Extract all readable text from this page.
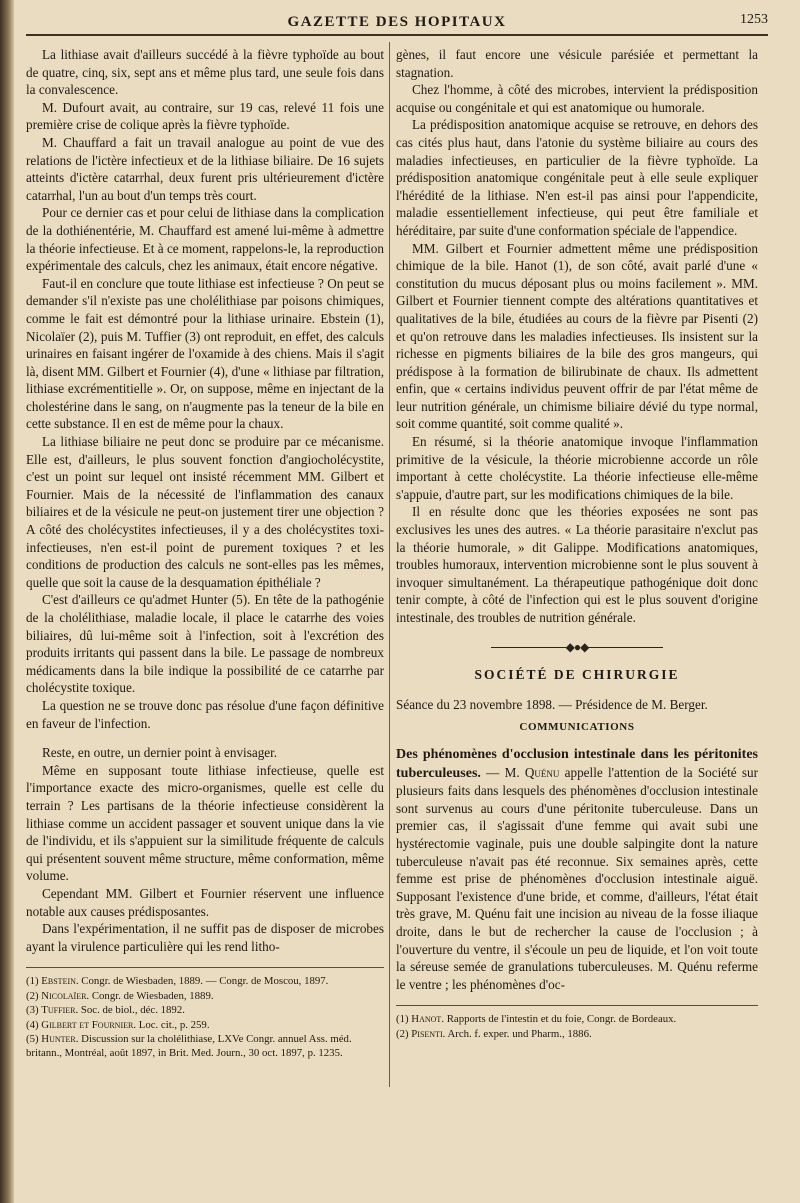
GAZETTE DES HOPITAUX	1253

La lithiase avait d'ailleurs succédé à la fièvre typhoïde au bout de quatre, cinq, six, sept ans et même plus tard, une seule fois dans la convalescence.

M. Dufourt avait, au contraire, sur 19 cas, relevé 11 fois une première crise de colique après la fièvre typhoïde.

M. Chauffard a fait un travail analogue au point de vue des relations de l'ictère infectieux et de la lithiase biliaire. De 16 sujets atteints d'ictère catarrhal, deux furent pris ultérieurement d'ictère catarrhal, l'un au bout d'un temps très court.

Pour ce dernier cas et pour celui de lithiase dans la complication de la dothiénentérie, M. Chauffard est amené lui-même à admettre la théorie infectieuse. Et à ce moment, rappelons-le, la reproduction expérimentale des calculs, chez les animaux, était encore négative.

Faut-il en conclure que toute lithiase est infectieuse ? On peut se demander s'il n'existe pas une cholélithiase par poisons chimiques, comme le fait est démontré pour la lithiase urinaire. Ebstein (1), Nicolaïer (2), puis M. Tuffier (3) ont reproduit, en effet, des calculs urinaires en faisant ingérer de l'oxamide à des chiens. Mais il s'agit là, disent MM. Gilbert et Fournier (4), d'une « lithiase par filtration, lithiase excrémentitielle ». Or, on suppose, même en injectant de la cholestérine dans le sang, on n'augmente pas la teneur de la bile en cette substance. Il en est de même pour la chaux.

La lithiase biliaire ne peut donc se produire par ce mécanisme. Elle est, d'ailleurs, le plus souvent fonction d'angiocholécystite, c'est un point sur lequel ont insisté récemment MM. Gilbert et Fournier. Mais de la nécessité de l'inflammation des canaux biliaires et de la vésicule ne peut-on justement tirer une objection ? A côté des cholécystites infectieuses, il y a des cholécystites toxi-infectieuses, n'en est-il point de purement toxiques ? et les conditions de production des calculs ne sont-elles pas les mêmes, quelle que soit la cause de la desquamation épithéliale ?

C'est d'ailleurs ce qu'admet Hunter (5). En tête de la pathogénie de la cholélithiase, maladie locale, il place le catarrhe des voies biliaires, dû lui-même soit à l'infection, soit à l'excrétion des produits irritants qui passent dans la bile. Le passage de nombreux médicaments dans la bile indique la possibilité de ce catarrhe par cholécystite toxique.

La question ne se trouve donc pas résolue d'une façon définitive en faveur de l'infection.

Reste, en outre, un dernier point à envisager.

Même en supposant toute lithiase infectieuse, quelle est l'importance exacte des micro-organismes, quelle est celle du terrain ? Les partisans de la théorie infectieuse considèrent la lithiase comme un accident passager et souvent unique dans la vie de l'individu, et ils s'appuient sur la similitude fréquente de calculs qui présentent souvent même structure, même conformation, même volume.

Cependant MM. Gilbert et Fournier réservent une influence notable aux causes prédisposantes.

Dans l'expérimentation, il ne suffit pas de disposer de microbes ayant la virulence particulière qui les rend litho-

(1) Ebstein. Congr. de Wiesbaden, 1889. — Congr. de Moscou, 1897.

(2) Nicolaïer. Congr. de Wiesbaden, 1889.

(3) Tuffier. Soc. de biol., déc. 1892.

(4) Gilbert et Fournier. Loc. cit., p. 259.

(5) Hunter. Discussion sur la cholélithiase, LXVe Congr. annuel Ass. méd. britann., Montréal, août 1897, in Brit. Med. Journ., 30 oct. 1897, p. 1235.

gènes, il faut encore une vésicule parésiée et permettant la stagnation.

Chez l'homme, à côté des microbes, intervient la prédisposition acquise ou congénitale et qui est anatomique ou humorale.

La prédisposition anatomique acquise se retrouve, en dehors des cas cités plus haut, dans l'atonie du système biliaire au cours des maladies infectieuses, en particulier de la fièvre typhoïde. La prédisposition anatomique congénitale peut à elle seule expliquer l'hérédité de la lithiase. N'en est-il pas ainsi pour l'appendicite, maladie essentiellement infectieuse, qui peut être familiale et héréditaire, par suite d'une conformation spéciale de l'appendice.

MM. Gilbert et Fournier admettent même une prédisposition chimique de la bile. Hanot (1), de son côté, avait parlé d'une « constitution du mucus déposant plus ou moins facilement ». MM. Gilbert et Fournier tiennent compte des altérations quantitatives et qualitatives de la bile, étudiées au cours de la fièvre par Pisenti (2) et qu'on retrouve dans les maladies infectieuses. Ils insistent sur la richesse en pigments biliaires de la bile des gros mangeurs, qui prédispose à la formation de bilirubinate de chaux. Ils admettent enfin, que « certains individus peuvent offrir de par l'état même de leur nutrition générale, un chimisme biliaire dévié du type normal, soit comme quantité, soit comme qualité ».

En résumé, si la théorie anatomique invoque l'inflammation primitive de la vésicule, la théorie microbienne accorde un rôle important à cette cholécystite. La théorie infectieuse elle-même s'appuie, d'autre part, sur les modifications chimiques de la bile.

Il en résulte donc que les théories exposées ne sont pas exclusives les unes des autres. « La théorie parasitaire n'exclut pas la théorie humorale, » dit Galippe. Modifications anatomiques, troubles humoraux, intervention microbienne sont le plus souvent à invoquer simultanément. La thérapeutique pathogénique doit donc tenir compte, à côté de l'infection qui est le plus souvent d'origine intestinale, des troubles de nutrition générale.

◆●◆
SOCIÉTÉ DE CHIRURGIE

Séance du 23 novembre 1898. — Présidence de M. Berger.

COMMUNICATIONS

Des phénomènes d'occlusion intestinale dans les péritonites tuberculeuses. — M. Quénu appelle l'attention de la Société sur plusieurs faits dans lesquels des phénomènes d'occlusion intestinale sont survenus au cours d'une péritonite tuberculeuse. Dans un premier cas, il s'agissait d'une femme qui avait subi une hystérectomie vaginale, puis une double salpingite dont la nature tuberculeuse n'avait pas été reconnue. Six semaines après, cette femme est prise de phénomènes d'occlusion intestinale aiguë. Supposant l'existence d'une bride, et comme, d'ailleurs, l'état était très grave, M. Quénu fait une incision au niveau de la fosse iliaque droite, dans le but de rechercher la cause de l'occlusion ; à l'ouverture du ventre, il s'écoule un peu de liquide, et l'on voit toute la séreuse semée de granulations tuberculeuses. M. Quénu referme le ventre ; les phénomènes d'oc-

(1) Hanot. Rapports de l'intestin et du foie, Congr. de Bordeaux.

(2) Pisenti. Arch. f. exper. und Pharm., 1886.
